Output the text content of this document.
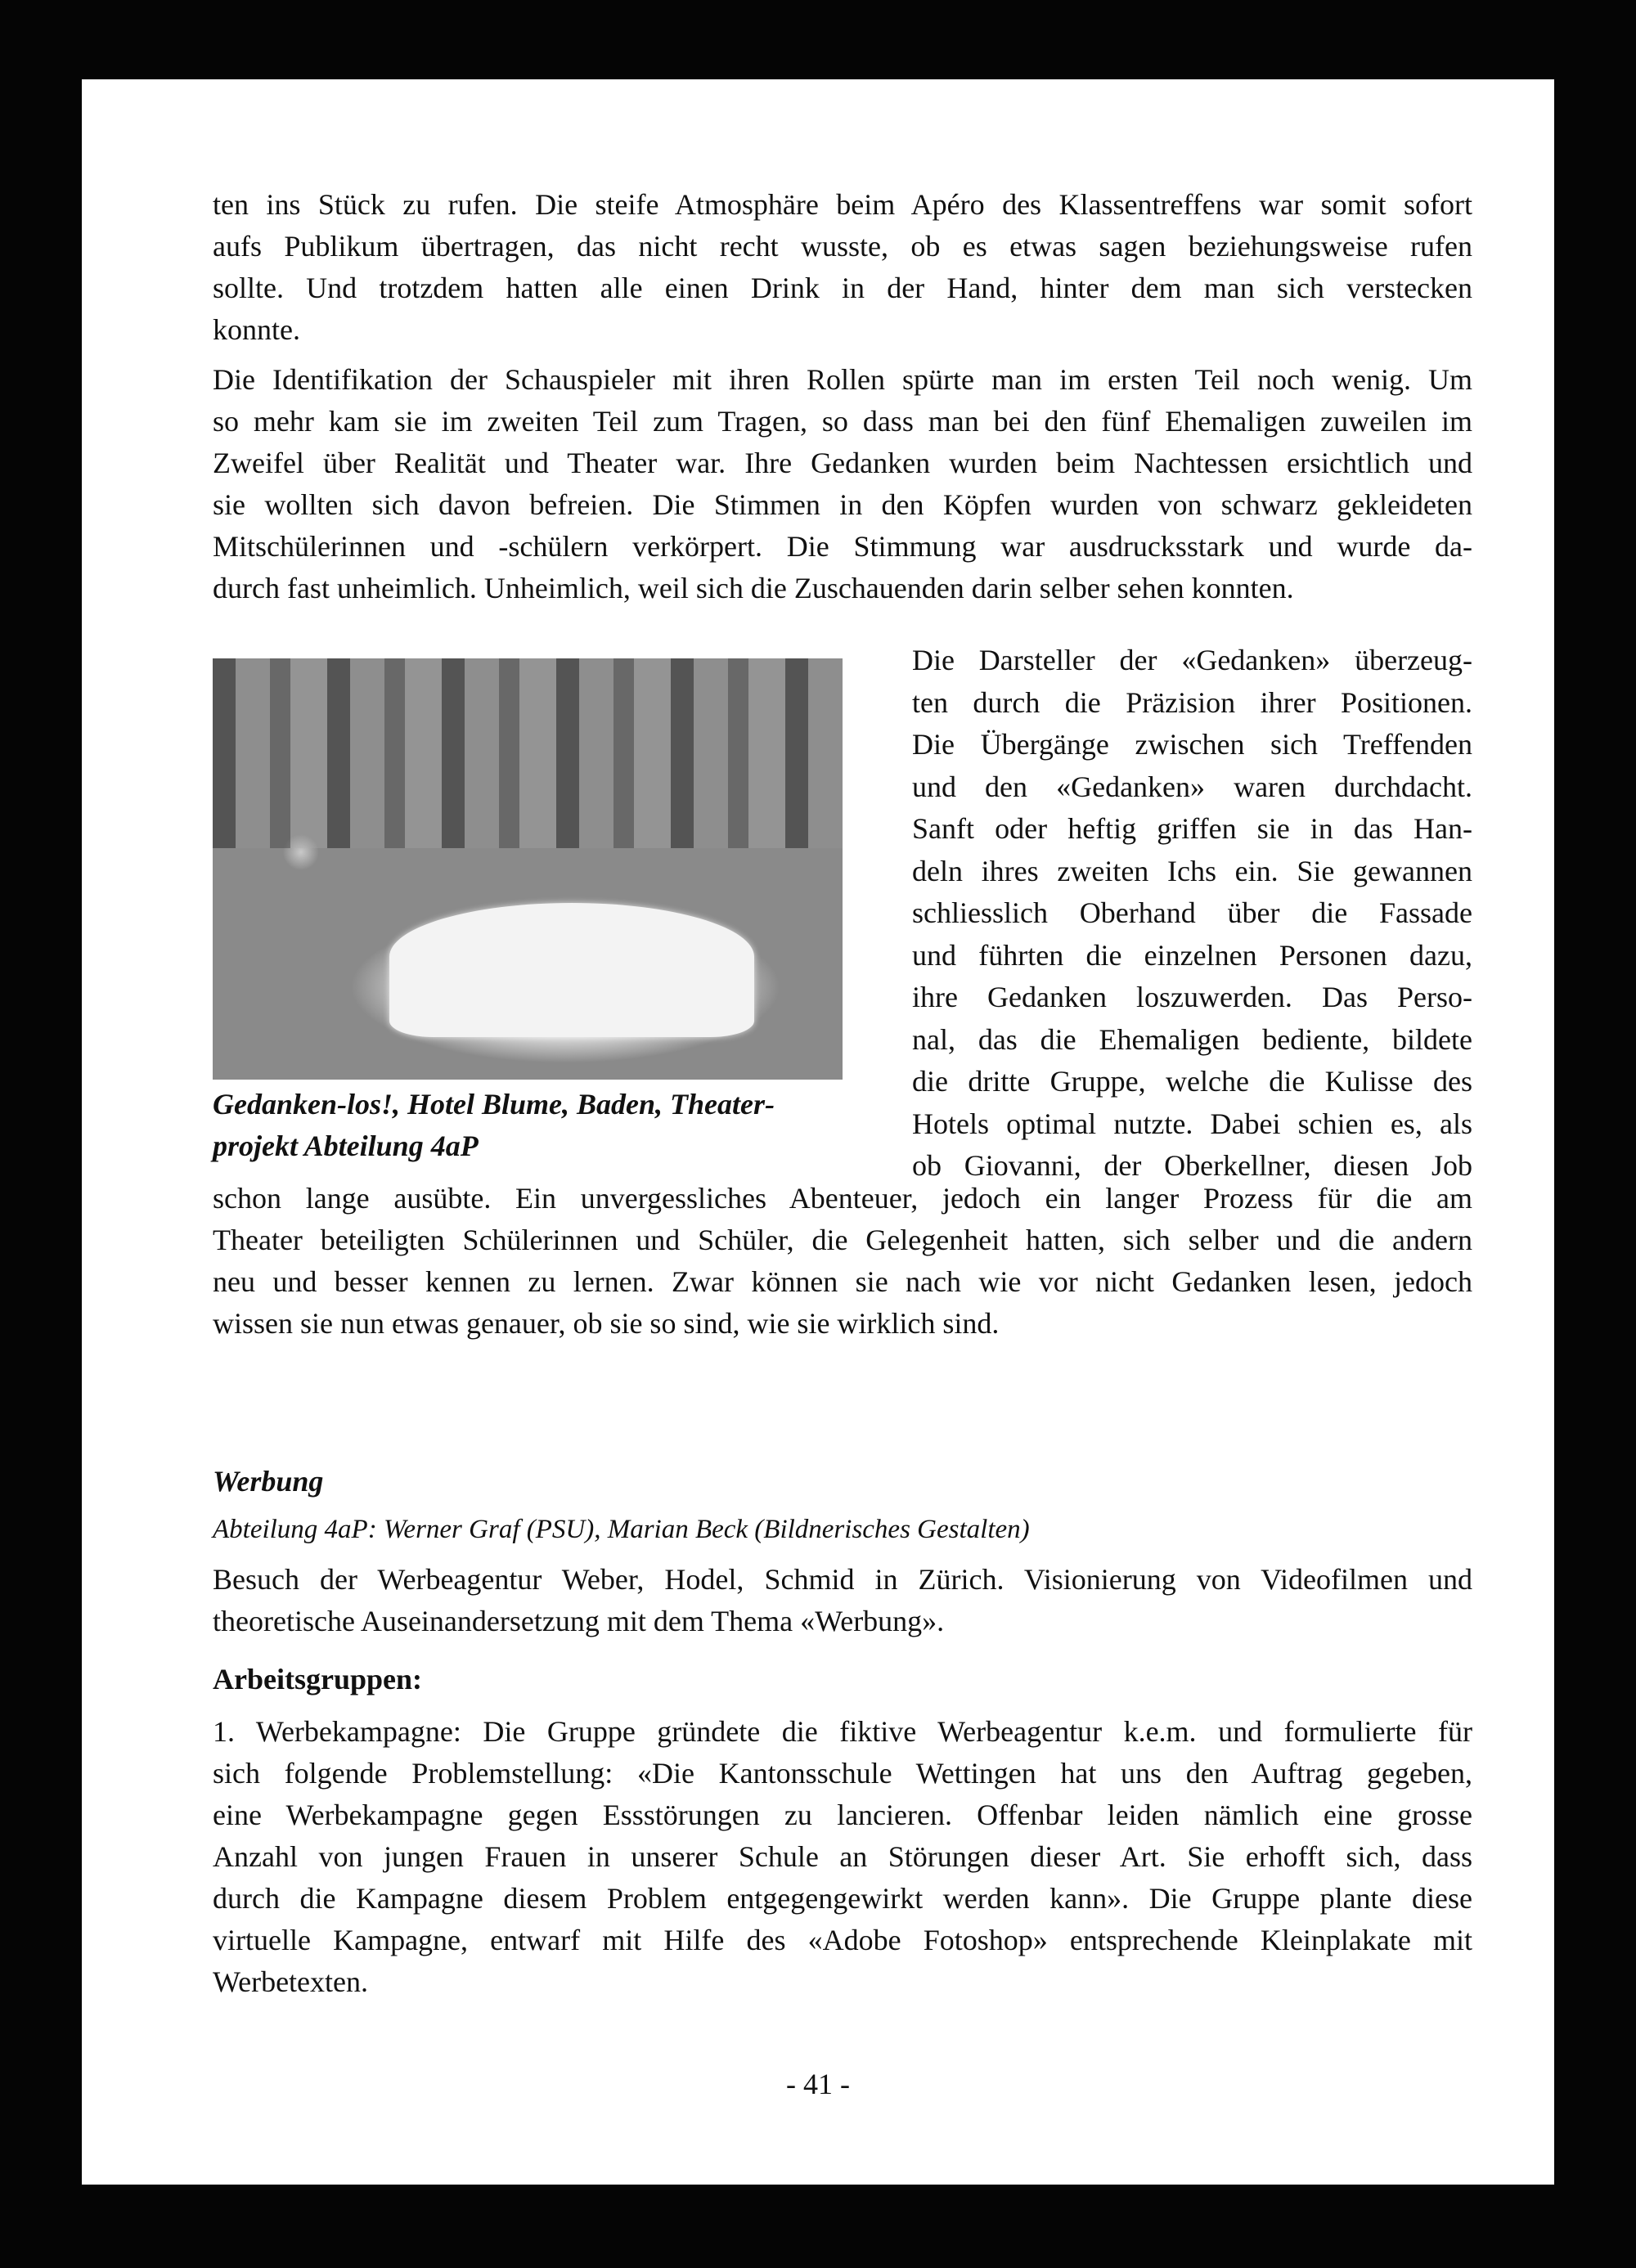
ten ins Stück zu rufen. Die steife Atmosphäre beim Apéro des Klassentreffens war somit sofort
aufs Publikum übertragen, das nicht recht wusste, ob es etwas sagen beziehungsweise rufen
sollte. Und trotzdem hatten alle einen Drink in der Hand, hinter dem man sich verstecken
konnte.
Die Identifikation der Schauspieler mit ihren Rollen spürte man im ersten Teil noch wenig. Um
so mehr kam sie im zweiten Teil zum Tragen, so dass man bei den fünf Ehemaligen zuweilen im
Zweifel über Realität und Theater war. Ihre Gedanken wurden beim Nachtessen ersichtlich und
sie wollten sich davon befreien. Die Stimmen in den Köpfen wurden von schwarz gekleideten
Mitschülerinnen und -schülern verkörpert. Die Stimmung war ausdrucksstark und wurde da-
durch fast unheimlich. Unheimlich, weil sich die Zuschauenden darin selber sehen konnten.
Gedanken-los!, Hotel Blume, Baden, Theater-
projekt Abteilung 4aP
Die Darsteller der «Gedanken» überzeug-
ten durch die Präzision ihrer Positionen.
Die Übergänge zwischen sich Treffenden
und den «Gedanken» waren durchdacht.
Sanft oder heftig griffen sie in das Han-
deln ihres zweiten Ichs ein. Sie gewannen
schliesslich Oberhand über die Fassade
und führten die einzelnen Personen dazu,
ihre Gedanken loszuwerden. Das Perso-
nal, das die Ehemaligen bediente, bildete
die dritte Gruppe, welche die Kulisse des
Hotels optimal nutzte. Dabei schien es, als
ob Giovanni, der Oberkellner, diesen Job
schon lange ausübte. Ein unvergessliches Abenteuer, jedoch ein langer Prozess für die am
Theater beteiligten Schülerinnen und Schüler, die Gelegenheit hatten, sich selber und die andern
neu und besser kennen zu lernen. Zwar können sie nach wie vor nicht Gedanken lesen, jedoch
wissen sie nun etwas genauer, ob sie so sind, wie sie wirklich sind.
Werbung
Abteilung 4aP: Werner Graf (PSU), Marian Beck (Bildnerisches Gestalten)
Besuch der Werbeagentur Weber, Hodel, Schmid in Zürich. Visionierung von Videofilmen und
theoretische Auseinandersetzung mit dem Thema «Werbung».
Arbeitsgruppen:
1. Werbekampagne: Die Gruppe gründete die fiktive Werbeagentur k.e.m. und formulierte für
sich folgende Problemstellung: «Die Kantonsschule Wettingen hat uns den Auftrag gegeben,
eine Werbekampagne gegen Essstörungen zu lancieren. Offenbar leiden nämlich eine grosse
Anzahl von jungen Frauen in unserer Schule an Störungen dieser Art. Sie erhofft sich, dass
durch die Kampagne diesem Problem entgegengewirkt werden kann». Die Gruppe plante diese
virtuelle Kampagne, entwarf mit Hilfe des «Adobe Fotoshop» entsprechende Kleinplakate mit
Werbetexten.
- 41 -
